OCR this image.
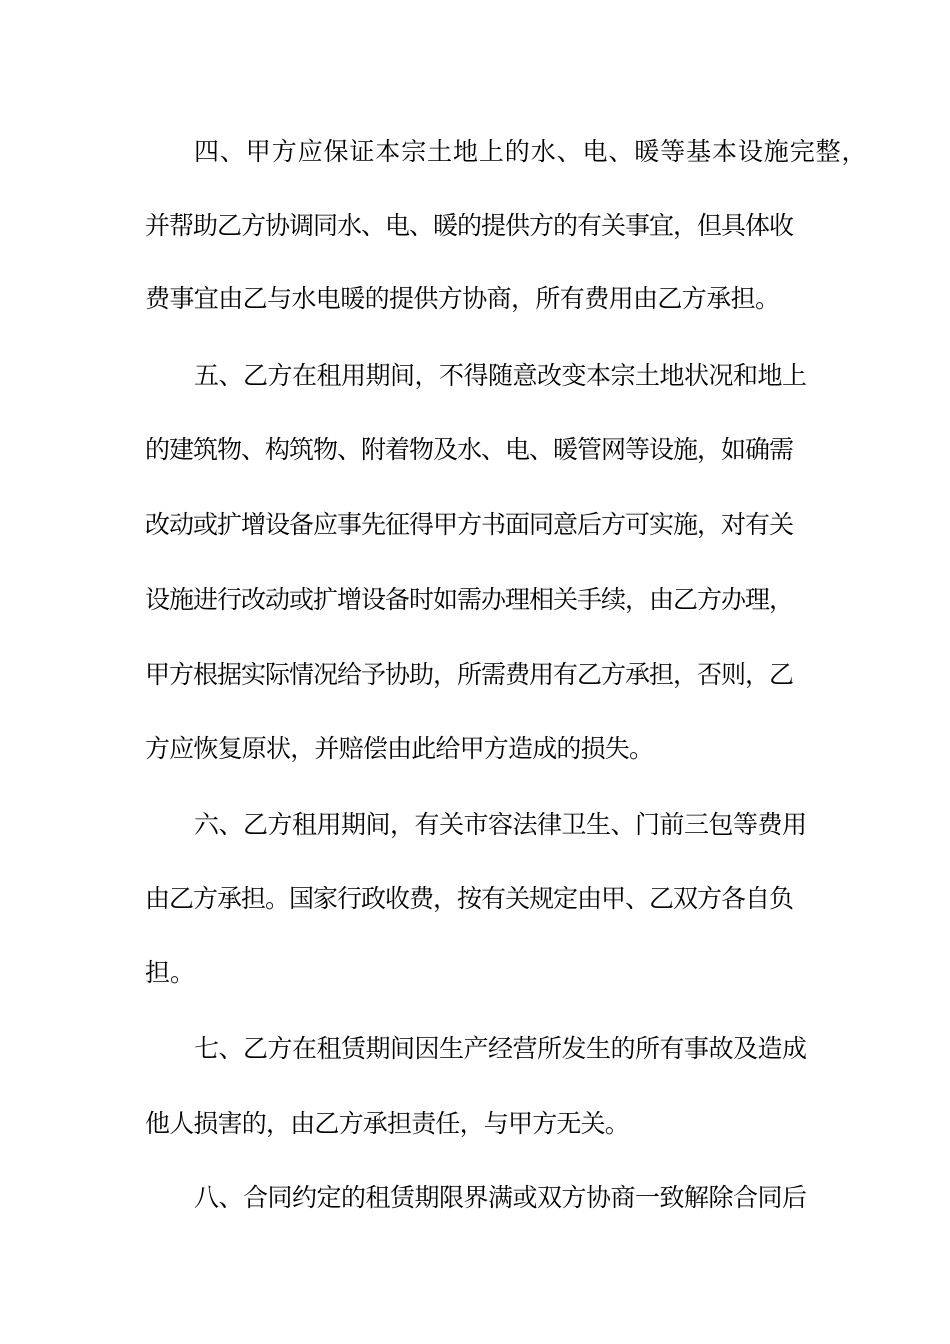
四、甲方应保证本宗土地上的水、电、暖等基本设施完整，
并帮助乙方协调同水、电、暖的提供方的有关事宜，但具体收
费事宜由乙与水电暖的提供方协商，所有费用由乙方承担。
五、乙方在租用期间，不得随意改变本宗土地状况和地上
的建筑物、构筑物、附着物及水、电、暖管网等设施，如确需
改动或扩增设备应事先征得甲方书面同意后方可实施，对有关
设施进行改动或扩增设备时如需办理相关手续，由乙方办理，
甲方根据实际情况给予协助，所需费用有乙方承担，否则，乙
方应恢复原状，并赔偿由此给甲方造成的损失。
六、乙方租用期间，有关市容法律卫生、门前三包等费用
由乙方承担。国家行政收费，按有关规定由甲、乙双方各自负
担。
七、乙方在租赁期间因生产经营所发生的所有事故及造成
他人损害的，由乙方承担责任，与甲方无关。
八、合同约定的租赁期限界满或双方协商一致解除合同后
